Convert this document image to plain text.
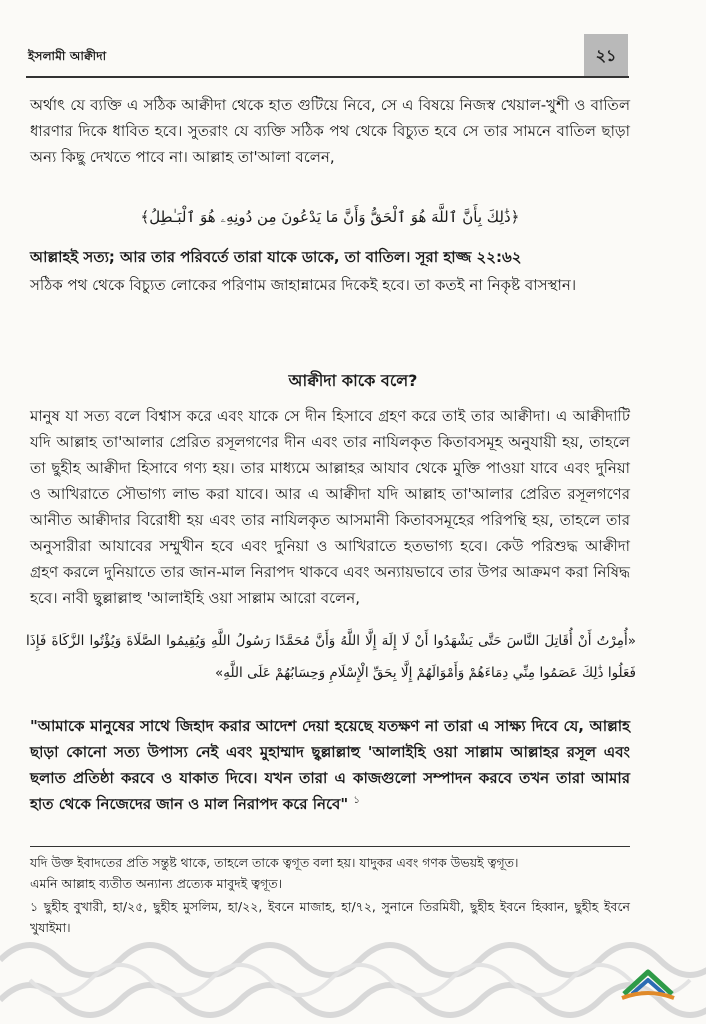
ইসলামী আক্বীদা	২১
অর্থাৎ যে ব্যক্তি এ সঠিক আক্বীদা থেকে হাত গুটিয়ে নিবে, সে এ বিষয়ে নিজস্ব খেয়াল-খুশী ও বাতিল ধারণার দিকে ধাবিত হবে। সুতরাং যে ব্যক্তি সঠিক পথ থেকে বিচ্যুত হবে সে তার সামনে বাতিল ছাড়া অন্য কিছু দেখতে পাবে না। আল্লাহ তা'আলা বলেন,
﴿ذَٰلِكَ بِأَنَّ ٱللَّهَ هُوَ ٱلْحَقُّ وَأَنَّ مَا يَدْعُونَ مِن دُونِهِۦ هُوَ ٱلْبَـٰطِلُ﴾
আল্লাহই সত্য; আর তার পরিবর্তে তারা যাকে ডাকে, তা বাতিল। সূরা হাজ্জ ২২:৬২
সঠিক পথ থেকে বিচ্যুত লোকের পরিণাম জাহান্নামের দিকেই হবে। তা কতই না নিকৃষ্ট বাসস্থান।
আক্বীদা কাকে বলে?
মানুষ যা সত্য বলে বিশ্বাস করে এবং যাকে সে দীন হিসাবে গ্রহণ করে তাই তার আক্বীদা। এ আক্বীদাটি যদি আল্লাহ তা'আলার প্রেরিত রসূলগণের দীন এবং তার নাযিলকৃত কিতাবসমূহ অনুযায়ী হয়, তাহলে তা ছুহীহ আক্বীদা হিসাবে গণ্য হয়। তার মাধ্যমে আল্লাহর আযাব থেকে মুক্তি পাওয়া যাবে এবং দুনিয়া ও আখিরাতে সৌভাগ্য লাভ করা যাবে। আর এ আক্বীদা যদি আল্লাহ তা'আলার প্রেরিত রসূলগণের আনীত আক্বীদার বিরোধী হয় এবং তার নাযিলকৃত আসমানী কিতাবসমূহের পরিপন্থি হয়, তাহলে তার অনুসারীরা আযাবের সম্মুখীন হবে এবং দুনিয়া ও আখিরাতে হতভাগ্য হবে। কেউ পরিশুদ্ধ আক্বীদা গ্রহণ করলে দুনিয়াতে তার জান-মাল নিরাপদ থাকবে এবং অন্যায়ভাবে তার উপর আক্রমণ করা নিষিদ্ধ হবে। নাবী ছ্বল্লাল্লাহু 'আলাইহি ওয়া সাল্লাম আরো বলেন,
«أُمِرْتُ أَنْ أُقَاتِلَ النَّاسَ حَتَّى يَشْهَدُوا أَنْ لَا إِلَهَ إِلَّا اللَّهُ وَأَنَّ مُحَمَّدًا رَسُولُ اللَّهِ وَيُقِيمُوا الصَّلَاةَ وَيُؤْتُوا الزَّكَاةَ فَإِذَا فَعَلُوا ذَٰلِكَ عَصَمُوا مِنِّي دِمَاءَهُمْ وَأَمْوَالَهُمْ إِلَّا بِحَقِّ الْإِسْلَامِ وَحِسَابُهُمْ عَلَى اللَّهِ»
"আমাকে মানুষের সাথে জিহাদ করার আদেশ দেয়া হয়েছে যতক্ষণ না তারা এ সাক্ষ্য দিবে যে, আল্লাহ ছাড়া কোনো সত্য উপাস্য নেই এবং মুহাম্মাদ ছ্বল্লাল্লাহু 'আলাইহি ওয়া সাল্লাম আল্লাহর রসূল এবং ছলাত প্রতিষ্ঠা করবে ও যাকাত দিবে। যখন তারা এ কাজগুলো সম্পাদন করবে তখন তারা আমার হাত থেকে নিজেদের জান ও মাল নিরাপদ করে নিবে" $^১$

যদি উক্ত ইবাদতের প্রতি সন্তুষ্ট থাকে, তাহলে তাকে ত্বগূত বলা হয়। যাদুকর এবং গণক উভয়ই ত্বগূত।

এমনি আল্লাহ ব্যতীত অন্যান্য প্রত্যেক মাবুদই ত্বগূত।

১ ছুহীহ বুখারী, হা/২৫, ছুহীহ মুসলিম, হা/২২, ইবনে মাজাহ, হা/৭২, সুনানে তিরমিযী, ছুহীহ ইবনে হিব্বান, ছুহীহ ইবনে খুযাইমা।
